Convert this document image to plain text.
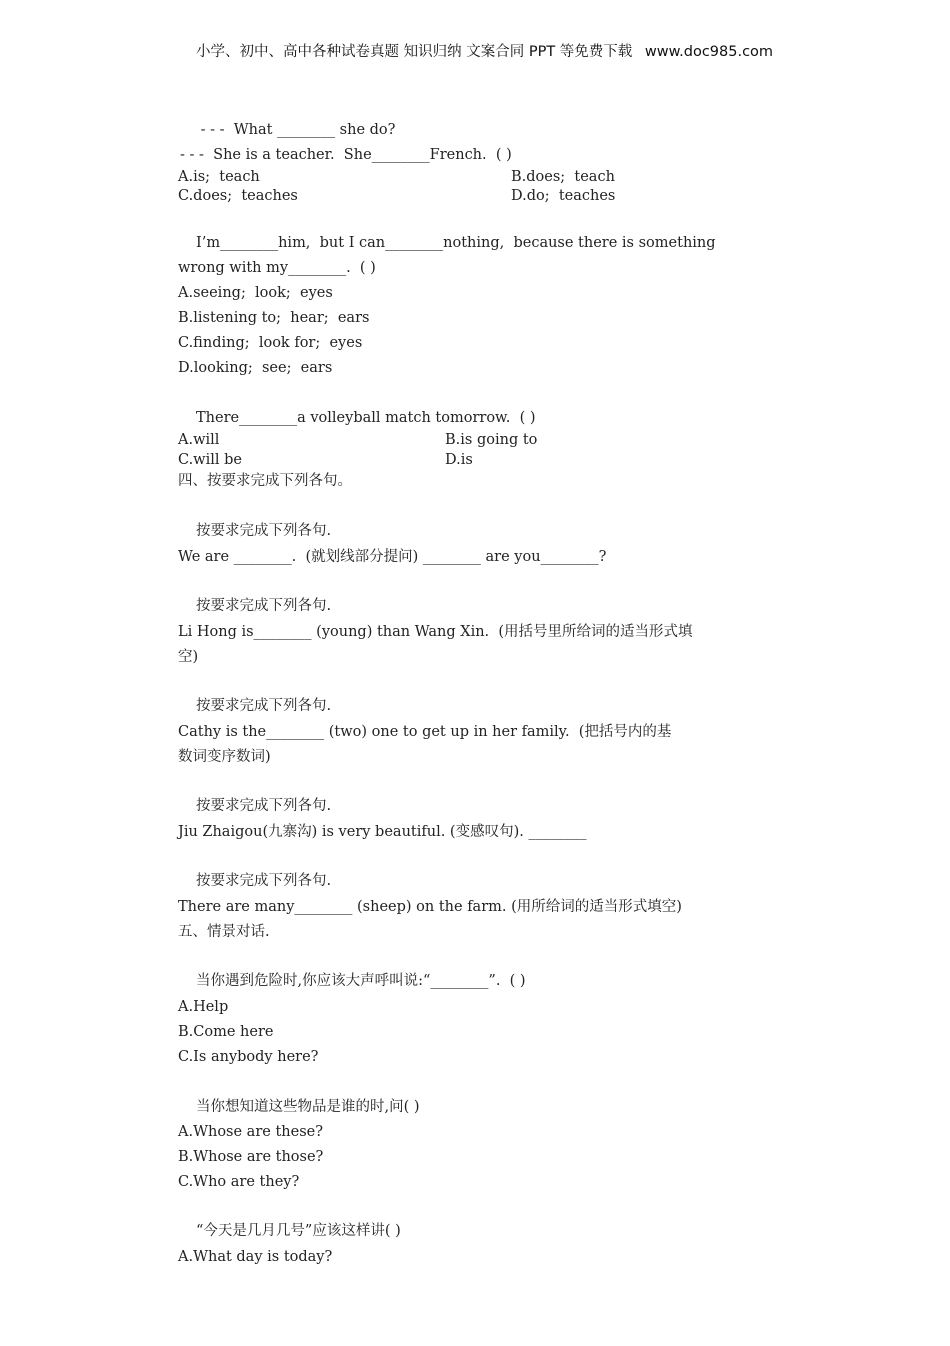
小学、初中、高中各种试卷真题 知识归纳 文案合同 PPT 等免费下载 www.doc985.com
- - -  What ________ she do?
- - -  She is a teacher.  She________French.  ( )
A.is;  teach	B.does;  teach
C.does;  teaches	D.do;  teaches
I’m________him,  but I can________nothing,  because there is something
wrong with my________.  ( )
A.seeing;  look;  eyes
B.listening to;  hear;  ears
C.finding;  look for;  eyes
D.looking;  see;  ears
There________a volleyball match tomorrow.  ( )
A.will	B.is going to
C.will be	D.is
四、按要求完成下列各句。
按要求完成下列各句.
We are ________.  (就划线部分提问) ________ are you________?
按要求完成下列各句.
Li Hong is________ (young) than Wang Xin.  (用括号里所给词的适当形式填
空)
按要求完成下列各句.
Cathy is the________ (two) one to get up in her family.  (把括号内的基
数词变序数词)
按要求完成下列各句.
Jiu Zhaigou(九寨沟) is very beautiful. (变感叹句). ________
按要求完成下列各句.
There are many________ (sheep) on the farm. (用所给词的适当形式填空)
五、情景对话.
当你遇到危险时,你应该大声呼叫说:“________”.  ( )
A.Help
B.Come here
C.Is anybody here?
当你想知道这些物品是谁的时,问( )
A.Whose are these?
B.Whose are those?
C.Who are they?
“今天是几月几号”应该这样讲( )
A.What day is today?
